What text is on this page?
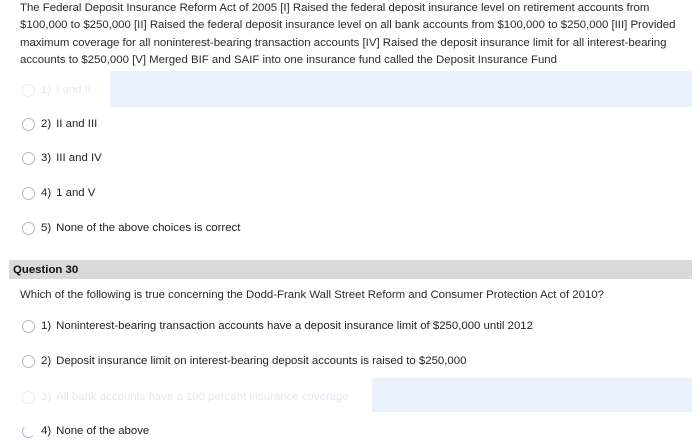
The Federal Deposit Insurance Reform Act of 2005 [I] Raised the federal deposit insurance level on retirement accounts from $100,000 to $250,000 [II] Raised the federal deposit insurance level on all bank accounts from $100,000 to $250,000 [III] Provided maximum coverage for all noninterest-bearing transaction accounts [IV] Raised the deposit insurance limit for all interest-bearing accounts to $250,000 [V] Merged BIF and SAIF into one insurance fund called the Deposit Insurance Fund
1) I and II
2) II and III
3) III and IV
4) 1 and V
5) None of the above choices is correct
Question 30
Which of the following is true concerning the Dodd-Frank Wall Street Reform and Consumer Protection Act of 2010?
1) Noninterest-bearing transaction accounts have a deposit insurance limit of $250,000 until 2012
2) Deposit insurance limit on interest-bearing deposit accounts is raised to $250,000
3) All bank accounts have a 100 percent insurance coverage
4) None of the above
